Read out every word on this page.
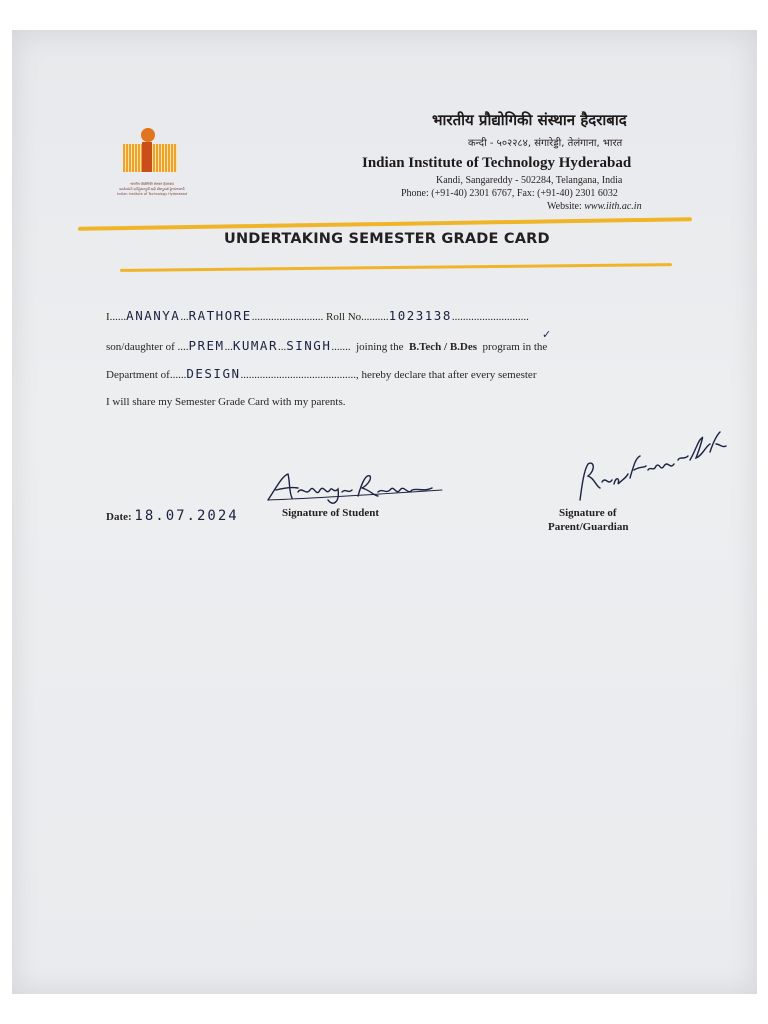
भारतीय प्रौद्योगिकी संस्थान हैदराबाद
ఇండియన్ ఇన్‌స్టిట్యూట్ ఆఫ్ టెక్నాలజీ హైదరాబాద్
Indian Institute of Technology Hyderabad
भारतीय प्रौद्योगिकी संस्थान हैदराबाद
कन्दी - ५०२२८४, संगारेड्डी, तेलंगाना, भारत
Indian Institute of Technology Hyderabad
Kandi, Sangareddy - 502284, Telangana, India
Phone: (+91-40) 2301 6767, Fax: (+91-40) 2301 6032
Website: www.iith.ac.in
UNDERTAKING SEMESTER GRADE CARD
I......ANANYA...RATHORE.......................... Roll No..........1023138............................
son/daughter of ....PREM...KUMAR...SINGH....... joining the B.Tech / B.Des program in the
✓
Department of......DESIGN.........................................., hereby declare that after every semester
I will share my Semester Grade Card with my parents.
Date: 18.07.2024	Signature of Student	Signature of
Parent/Guardian
